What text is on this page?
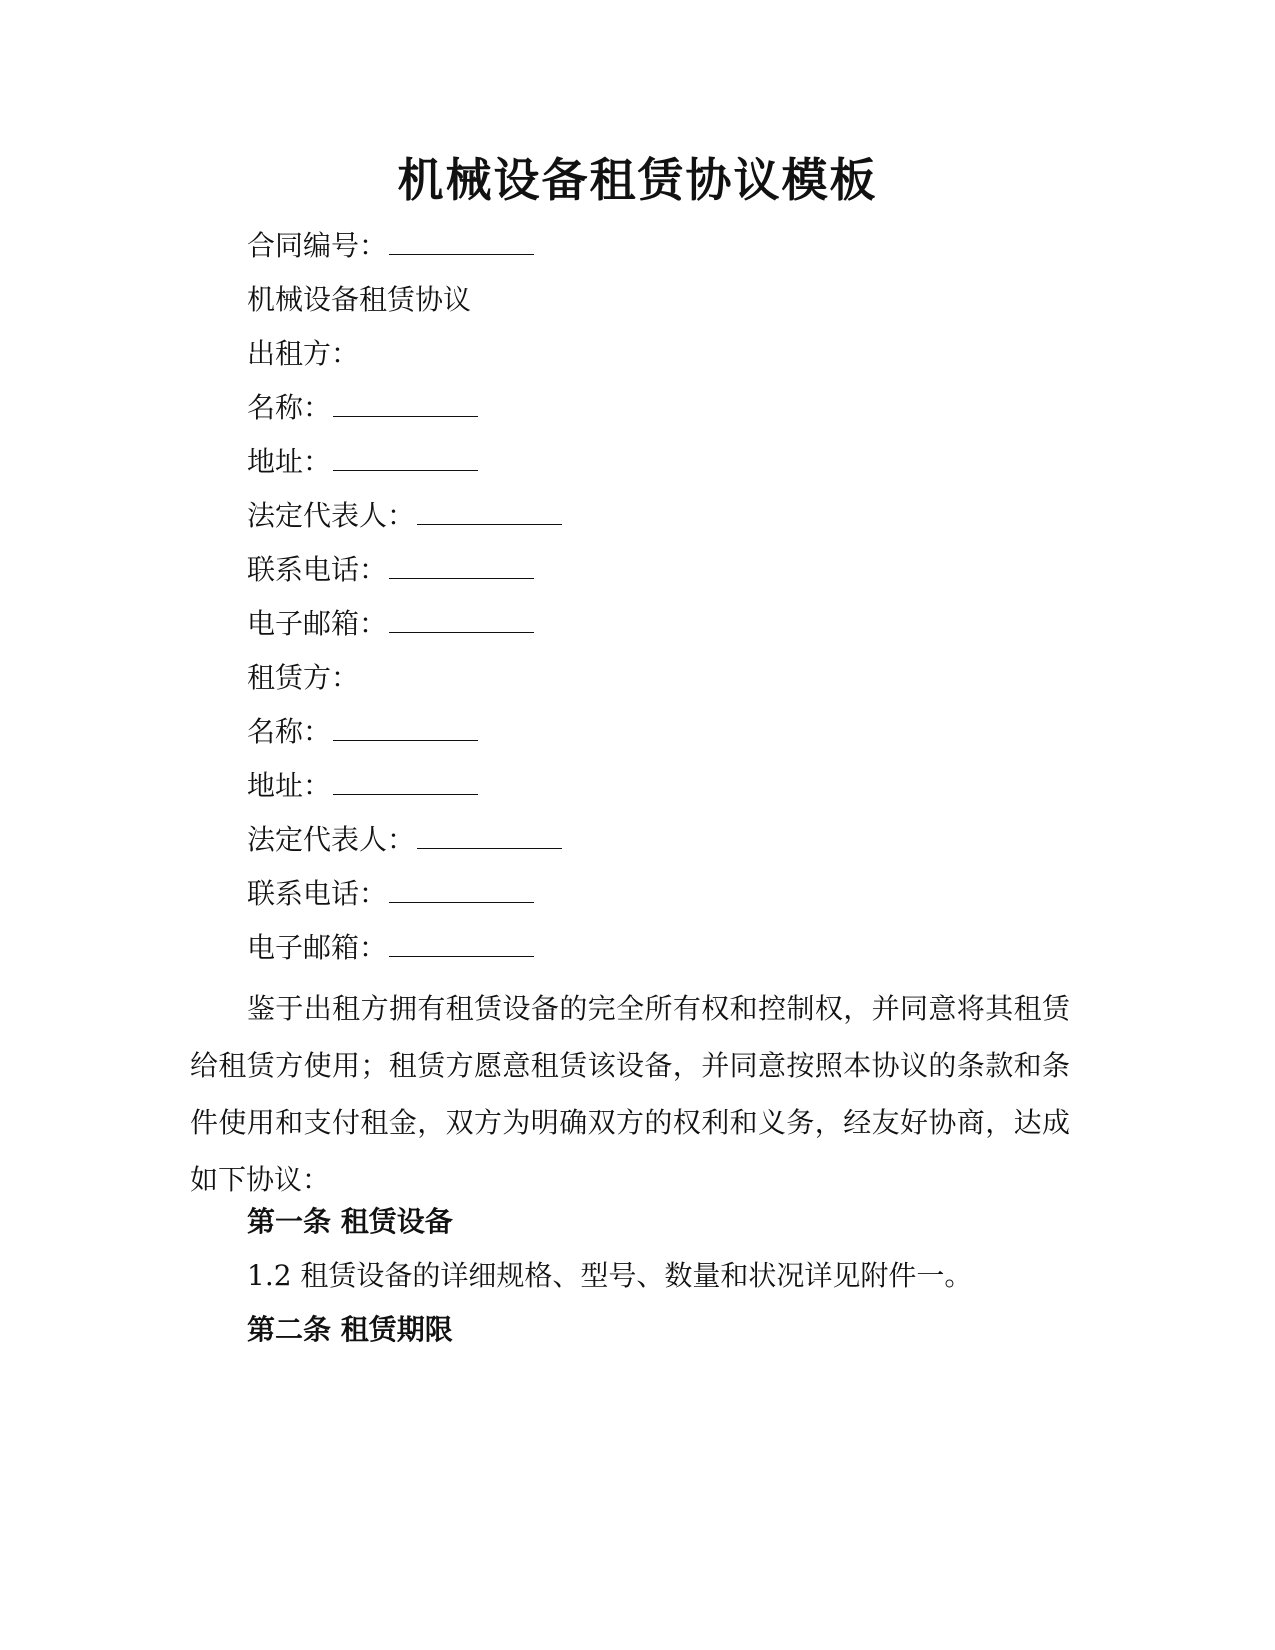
机械设备租赁协议模板
合同编号：
机械设备租赁协议
出租方：
名称：
地址：
法定代表人：
联系电话：
电子邮箱：
租赁方：
名称：
地址：
法定代表人：
联系电话：
电子邮箱：
鉴于出租方拥有租赁设备的完全所有权和控制权，并同意将其租赁给租赁方使用；租赁方愿意租赁该设备，并同意按照本协议的条款和条件使用和支付租金，双方为明确双方的权利和义务，经友好协商，达成如下协议：
第一条 租赁设备
1.2 租赁设备的详细规格、型号、数量和状况详见附件一。
第二条 租赁期限
